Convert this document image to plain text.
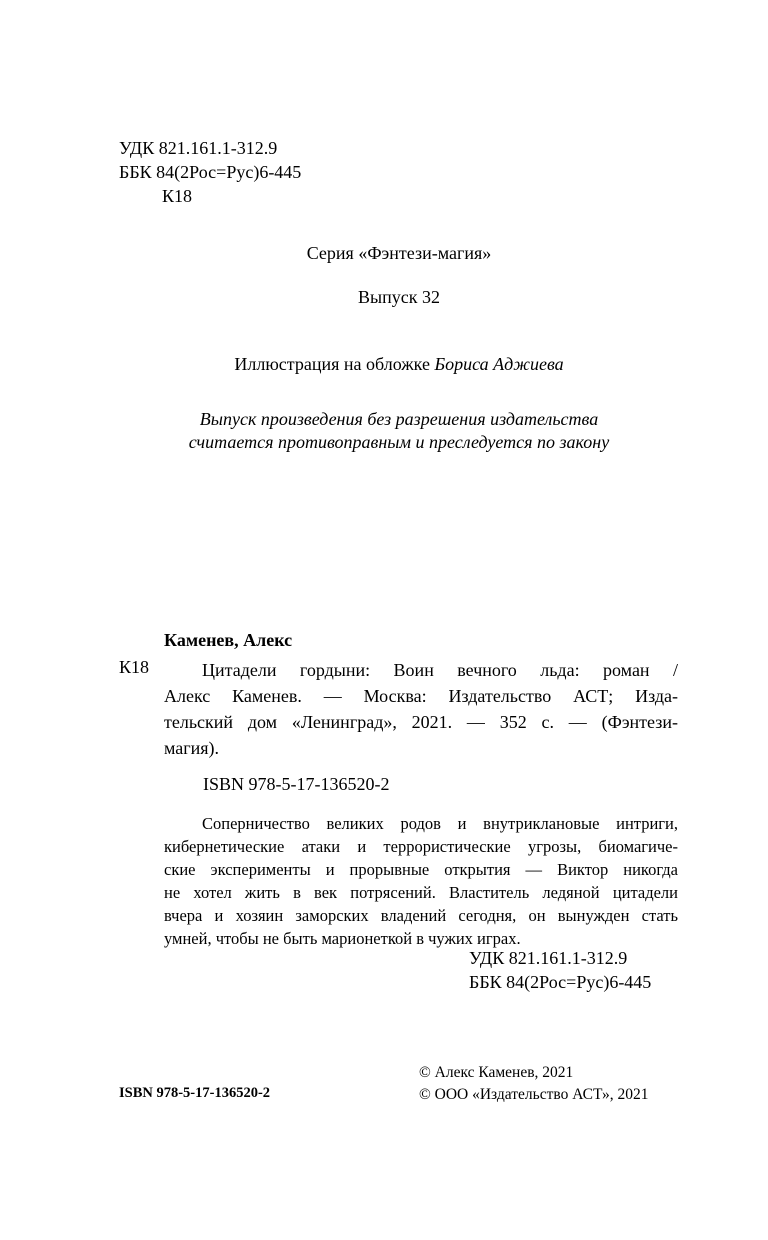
УДК 821.161.1-312.9
ББК 84(2Рос=Рус)6-445
К18
Серия «Фэнтези-магия»
Выпуск 32
Иллюстрация на обложке Бориса Аджиева
Выпуск произведения без разрешения издательства
считается противоправным и преследуется по закону
Каменев, Алекс
К18	Цитадели гордыни: Воин вечного льда: роман /
Алекс Каменев. — Москва: Издательство АСТ; Изда-
тельский дом «Ленинград», 2021. — 352 с. — (Фэнтези-
магия).
ISBN 978-5-17-136520-2
Соперничество великих родов и внутриклановые интриги,
кибернетические атаки и террористические угрозы, биомагиче-
ские эксперименты и прорывные открытия — Виктор никогда
не хотел жить в век потрясений. Властитель ледяной цитадели
вчера и хозяин заморских владений сегодня, он вынужден стать
умней, чтобы не быть марионеткой в чужих играх.
УДК 821.161.1-312.9
ББК 84(2Рос=Рус)6-445
ISBN 978-5-17-136520-2
© Алекс Каменев, 2021
© ООО «Издательство АСТ», 2021
